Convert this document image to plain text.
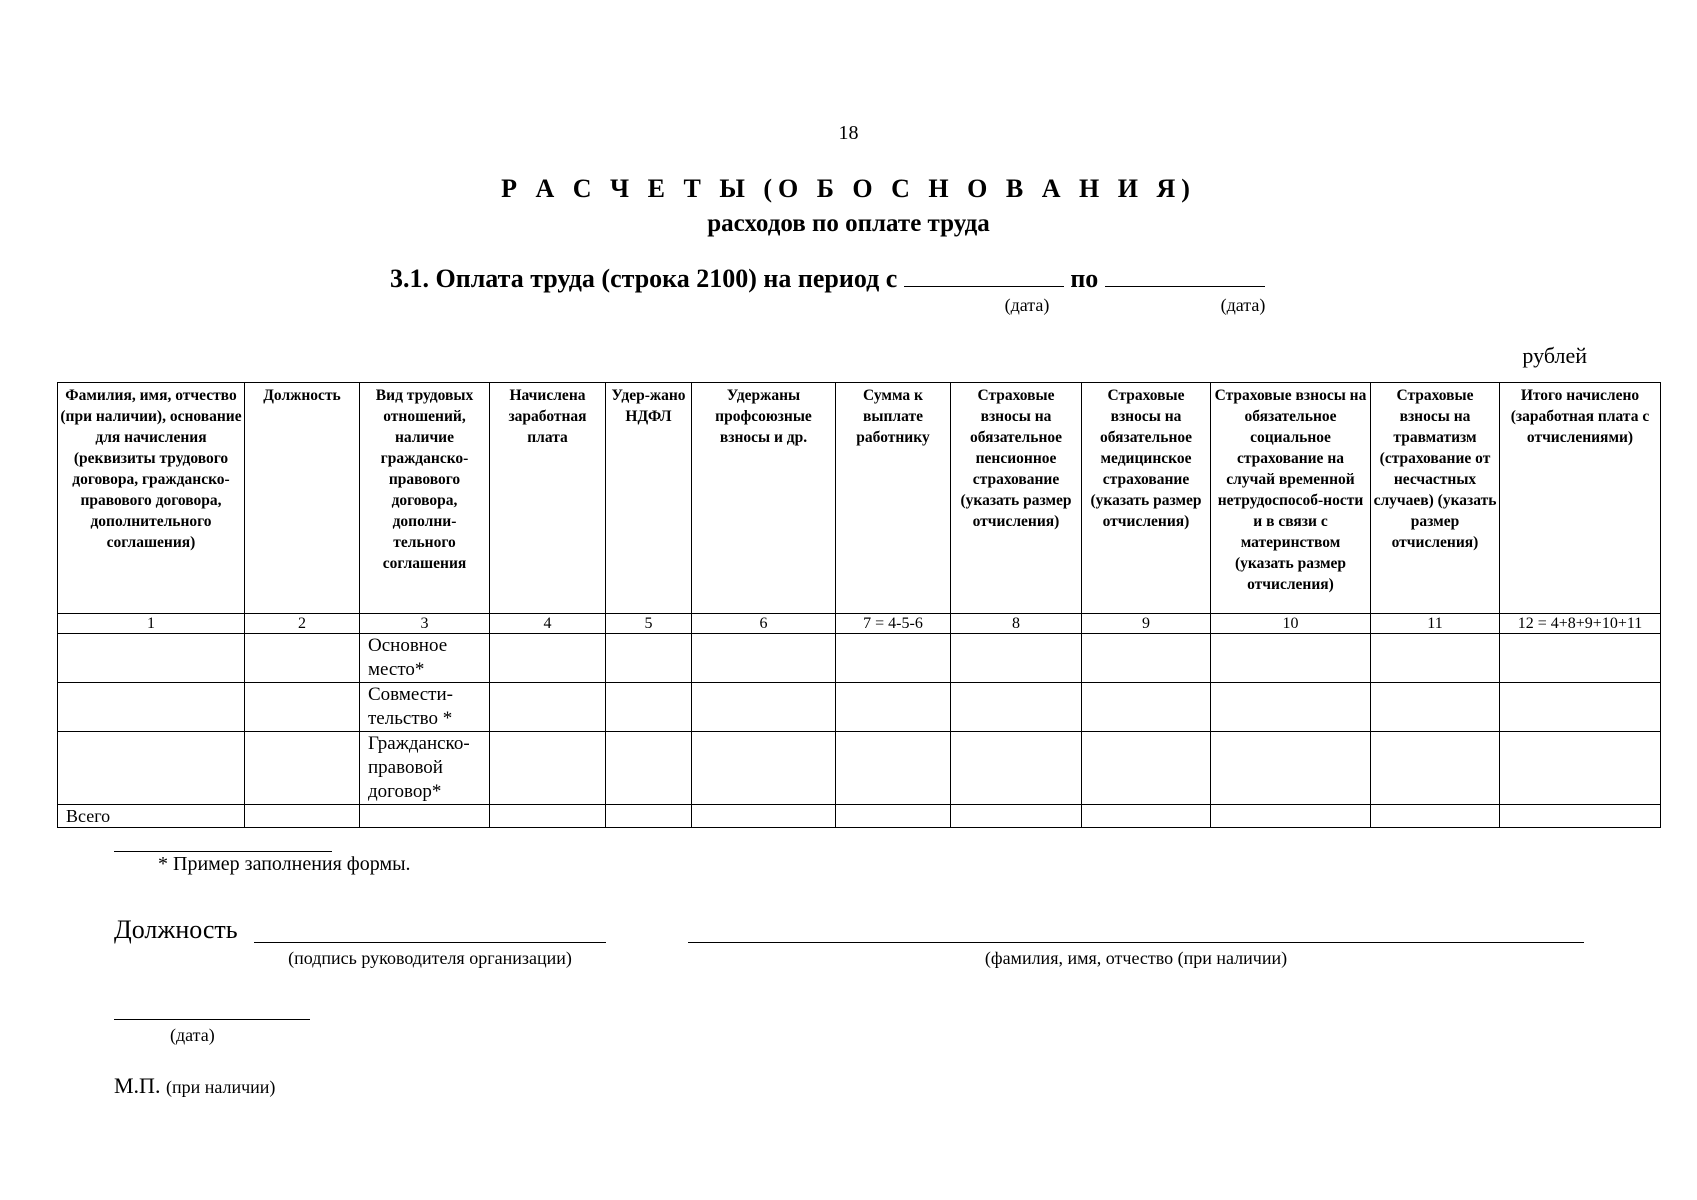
18
Р А С Ч Е Т Ы (О Б О С Н О В А Н И Я)
расходов по оплате труда
3.1. Оплата труда (строка 2100) на период с	по
(дата)	(дата)
рублей
Фамилия, имя, отчество (при наличии), основание для начисления (реквизиты трудового договора, гражданско-правового договора, дополнительного соглашения)	Должность	Вид трудовых отношений, наличие гражданско-правового договора, дополни-тельного соглашения	Начислена заработная плата	Удер-жано НДФЛ	Удержаны профсоюзные взносы и др.	Сумма к выплате работнику	Страховые взносы на обязательное пенсионное страхование (указать размер отчисления)	Страховые взносы на обязательное медицинское страхование (указать размер отчисления)	Страховые взносы на обязательное социальное страхование на случай временной нетрудоспособ-ности и в связи с материнством (указать размер отчисления)	Страховые взносы на травматизм (страхование от несчастных случаев) (указать размер отчисления)	Итого начислено (заработная плата с отчислениями)
1	2	3	4	5	6	7 = 4-5-6	8	9	10	11	12 = 4+8+9+10+11
		Основное место*									
		Совмести-тельство *									
		Гражданско-правовой договор*									
Всего											
* Пример заполнения формы.
Должность
(подпись руководителя организации)	(фамилия, имя, отчество (при наличии)
(дата)
М.П. (при наличии)
